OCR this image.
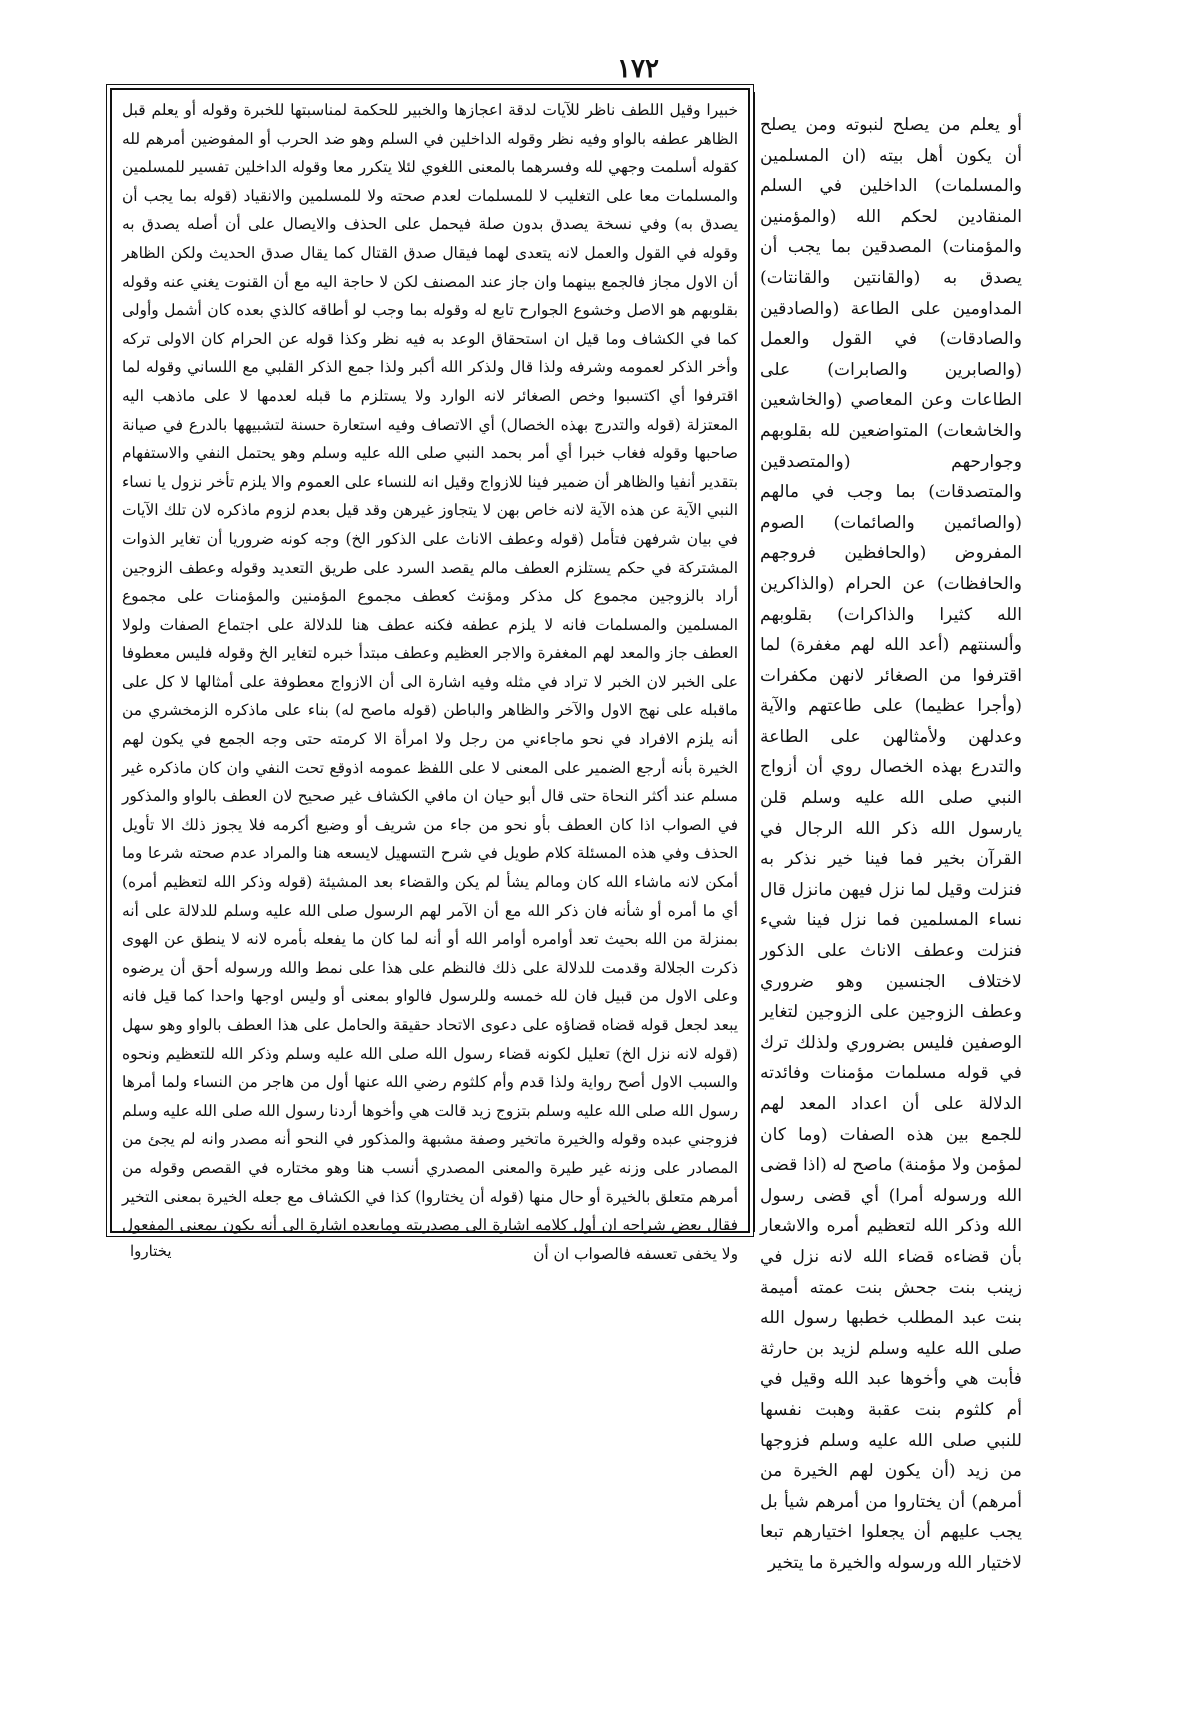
١٧٢

خبيرا وقيل اللطف ناظر للآيات لدقة اعجازها والخبير للحكمة لمناسبتها للخبرة وقوله أو يعلم قبل الظاهر عطفه بالواو وفيه نظر وقوله الداخلين في السلم وهو ضد الحرب أو المفوضين أمرهم لله كقوله أسلمت وجهي لله وفسرهما بالمعنى اللغوي لئلا يتكرر معا وقوله الداخلين تفسير للمسلمين والمسلمات معا على التغليب لا للمسلمات لعدم صحته ولا للمسلمين والانقياد (قوله بما يجب أن يصدق به) وفي نسخة يصدق بدون صلة فيحمل على الحذف والايصال على أن أصله يصدق به وقوله في القول والعمل لانه يتعدى لهما فيقال صدق القتال كما يقال صدق الحديث ولكن الظاهر أن الاول مجاز فالجمع بينهما وان جاز عند المصنف لكن لا حاجة اليه مع أن القنوت يغني عنه وقوله بقلوبهم هو الاصل وخشوع الجوارح تابع له وقوله بما وجب لو أطاقه كالذي بعده كان أشمل وأولى كما في الكشاف وما قيل ان استحقاق الوعد به فيه نظر وكذا قوله عن الحرام كان الاولى تركه وأخر الذكر لعمومه وشرفه ولذا قال ولذكر الله أكبر ولذا جمع الذكر القلبي مع اللساني وقوله لما اقترفوا أي اكتسبوا وخص الصغائر لانه الوارد ولا يستلزم ما قبله لعدمها لا على ماذهب اليه المعتزلة (قوله والتدرج بهذه الخصال) أي الاتصاف وفيه استعارة حسنة لتشبيهها بالدرع في صيانة صاحبها وقوله فغاب خبرا أي أمر بحمد النبي صلى الله عليه وسلم وهو يحتمل النفي والاستفهام بتقدير أنفيا والظاهر أن ضمير فينا للازواج وقيل انه للنساء على العموم والا يلزم تأخر نزول يا نساء النبي الآية عن هذه الآية لانه خاص بهن لا يتجاوز غيرهن وقد قيل بعدم لزوم ماذكره لان تلك الآيات في بيان شرفهن فتأمل (قوله وعطف الاناث على الذكور الخ) وجه كونه ضروريا أن تغاير الذوات المشتركة في حكم يستلزم العطف مالم يقصد السرد على طريق التعديد وقوله وعطف الزوجين أراد بالزوجين مجموع كل مذكر ومؤنث كعطف مجموع المؤمنين والمؤمنات على مجموع المسلمين والمسلمات فانه لا يلزم عطفه فكنه عطف هنا للدلالة على اجتماع الصفات ولولا العطف جاز والمعد لهم المغفرة والاجر العظيم وعطف مبتدأ خبره لتغاير الخ وقوله فليس معطوفا على الخبر لان الخبر لا تراد في مثله وفيه اشارة الى أن الازواج معطوفة على أمثالها لا كل على ماقبله على نهج الاول والآخر والظاهر والباطن (قوله ماصح له) بناء على ماذكره الزمخشري من أنه يلزم الافراد في نحو ماجاءني من رجل ولا امرأة الا كرمته حتى وجه الجمع في يكون لهم الخيرة بأنه أرجع الضمير على المعنى لا على اللفظ عمومه اذوقع تحت النفي وان كان ماذكره غير مسلم عند أكثر النحاة حتى قال أبو حيان ان مافي الكشاف غير صحيح لان العطف بالواو والمذكور في الصواب اذا كان العطف بأو نحو من جاء من شريف أو وضيع أكرمه فلا يجوز ذلك الا تأويل الحذف وفي هذه المسئلة كلام طويل في شرح التسهيل لايسعه هنا والمراد عدم صحته شرعا وما أمكن لانه ماشاء الله كان ومالم يشأ لم يكن والقضاء بعد المشيئة (قوله وذكر الله لتعظيم أمره) أي ما أمره أو شأنه فان ذكر الله مع أن الآمر لهم الرسول صلى الله عليه وسلم للدلالة على أنه بمنزلة من الله بحيث تعد أوامره أوامر الله أو أنه لما كان ما يفعله بأمره لانه لا ينطق عن الهوى ذكرت الجلالة وقدمت للدلالة على ذلك فالنظم على هذا على نمط والله ورسوله أحق أن يرضوه وعلى الاول من قبيل فان لله خمسه وللرسول فالواو بمعنى أو وليس اوجها واحدا كما قيل فانه يبعد لجعل قوله قضاه قضاؤه على دعوى الاتحاد حقيقة والحامل على هذا العطف بالواو وهو سهل (قوله لانه نزل الخ) تعليل لكونه قضاء رسول الله صلى الله عليه وسلم وذكر الله للتعظيم ونحوه والسبب الاول أصح رواية ولذا قدم وأم كلثوم رضي الله عنها أول من هاجر من النساء ولما أمرها رسول الله صلى الله عليه وسلم بتزوج زيد قالت هي وأخوها أردنا رسول الله صلى الله عليه وسلم فزوجني عبده وقوله والخيرة ماتخير وصفة مشبهة والمذكور في النحو أنه مصدر وانه لم يجئ من المصادر على وزنه غير طيرة والمعنى المصدري أنسب هنا وهو مختاره في القصص وقوله من أمرهم متعلق بالخيرة أو حال منها (قوله أن يختاروا) كذا في الكشاف مع جعله الخيرة بمعنى التخير فقال بعض شراحه ان أول كلامه اشارة الى مصدريته ومابعده اشارة الى أنه يكون بمعنى المفعول ولا يخفى تعسفه فالصواب ان أن

أو يعلم من يصلح لنبوته ومن يصلح أن يكون أهل بيته (ان المسلمين والمسلمات) الداخلين في السلم المنقادين لحكم الله (والمؤمنين والمؤمنات) المصدقين بما يجب أن يصدق به (والقانتين والقانتات) المداومين على الطاعة (والصادقين والصادقات) في القول والعمل (والصابرين والصابرات) على الطاعات وعن المعاصي (والخاشعين والخاشعات) المتواضعين لله بقلوبهم وجوارحهم (والمتصدقين والمتصدقات) بما وجب في مالهم (والصائمين والصائمات) الصوم المفروض (والحافظين فروجهم والحافظات) عن الحرام (والذاكرين الله كثيرا والذاكرات) بقلوبهم وألسنتهم (أعد الله لهم مغفرة) لما اقترفوا من الصغائر لانهن مكفرات (وأجرا عظيما) على طاعتهم والآية وعدلهن ولأمثالهن على الطاعة والتدرع بهذه الخصال روي أن أزواج النبي صلى الله عليه وسلم قلن يارسول الله ذكر الله الرجال في القرآن بخير فما فينا خير نذكر به فنزلت وقيل لما نزل فيهن مانزل قال نساء المسلمين فما نزل فينا شيء فنزلت وعطف الاناث على الذكور لاختلاف الجنسين وهو ضروري وعطف الزوجين على الزوجين لتغاير الوصفين فليس بضروري ولذلك ترك في قوله مسلمات مؤمنات وفائدته الدلالة على أن اعداد المعد لهم للجمع بين هذه الصفات (وما كان لمؤمن ولا مؤمنة) ماصح له (اذا قضى الله ورسوله أمرا) أي قضى رسول الله وذكر الله لتعظيم أمره والاشعار بأن قضاءه قضاء الله لانه نزل في زينب بنت جحش بنت عمته أميمة بنت عبد المطلب خطبها رسول الله صلى الله عليه وسلم لزيد بن حارثة فأبت هي وأخوها عبد الله وقيل في أم كلثوم بنت عقبة وهبت نفسها للنبي صلى الله عليه وسلم فزوجها من زيد (أن يكون لهم الخيرة من أمرهم) أن يختاروا من أمرهم شيأ بل يجب عليهم أن يجعلوا اختيارهم تبعا لاختيار الله ورسوله والخيرة ما يتخير

يختاروا
